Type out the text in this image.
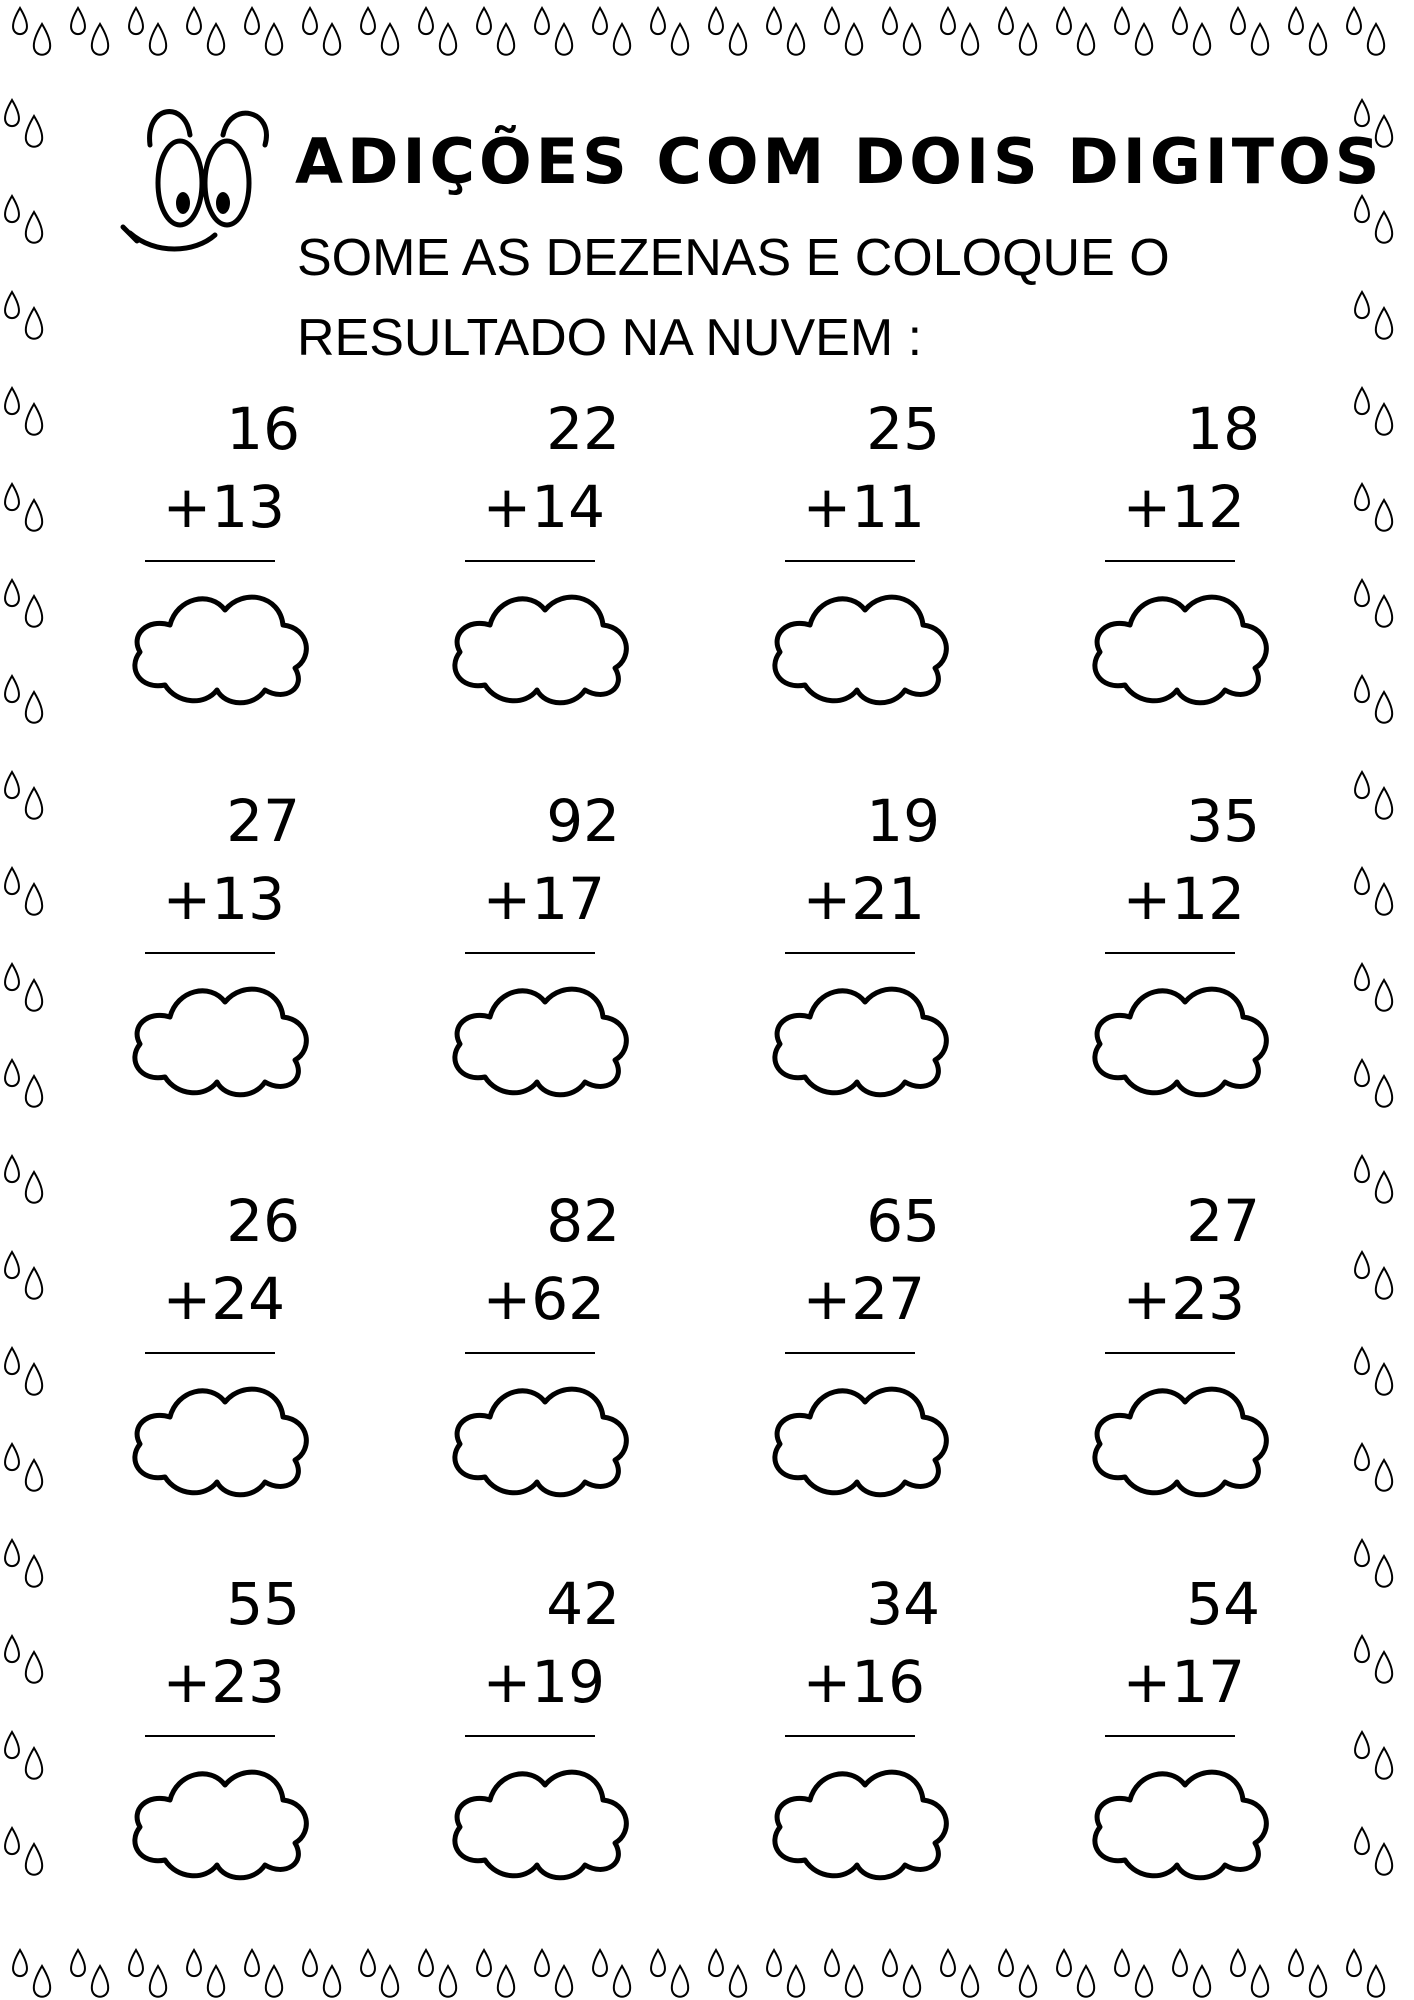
ADIÇÕES COM DOIS DIGITOS

SOME AS DEZENAS E COLOQUE O

RESULTADO NA NUVEM :

16
+13
22
+14
25
+11
18
+12
27
+13
92
+17
19
+21
35
+12
26
+24
82
+62
65
+27
27
+23
55
+23
42
+19
34
+16
54
+17
